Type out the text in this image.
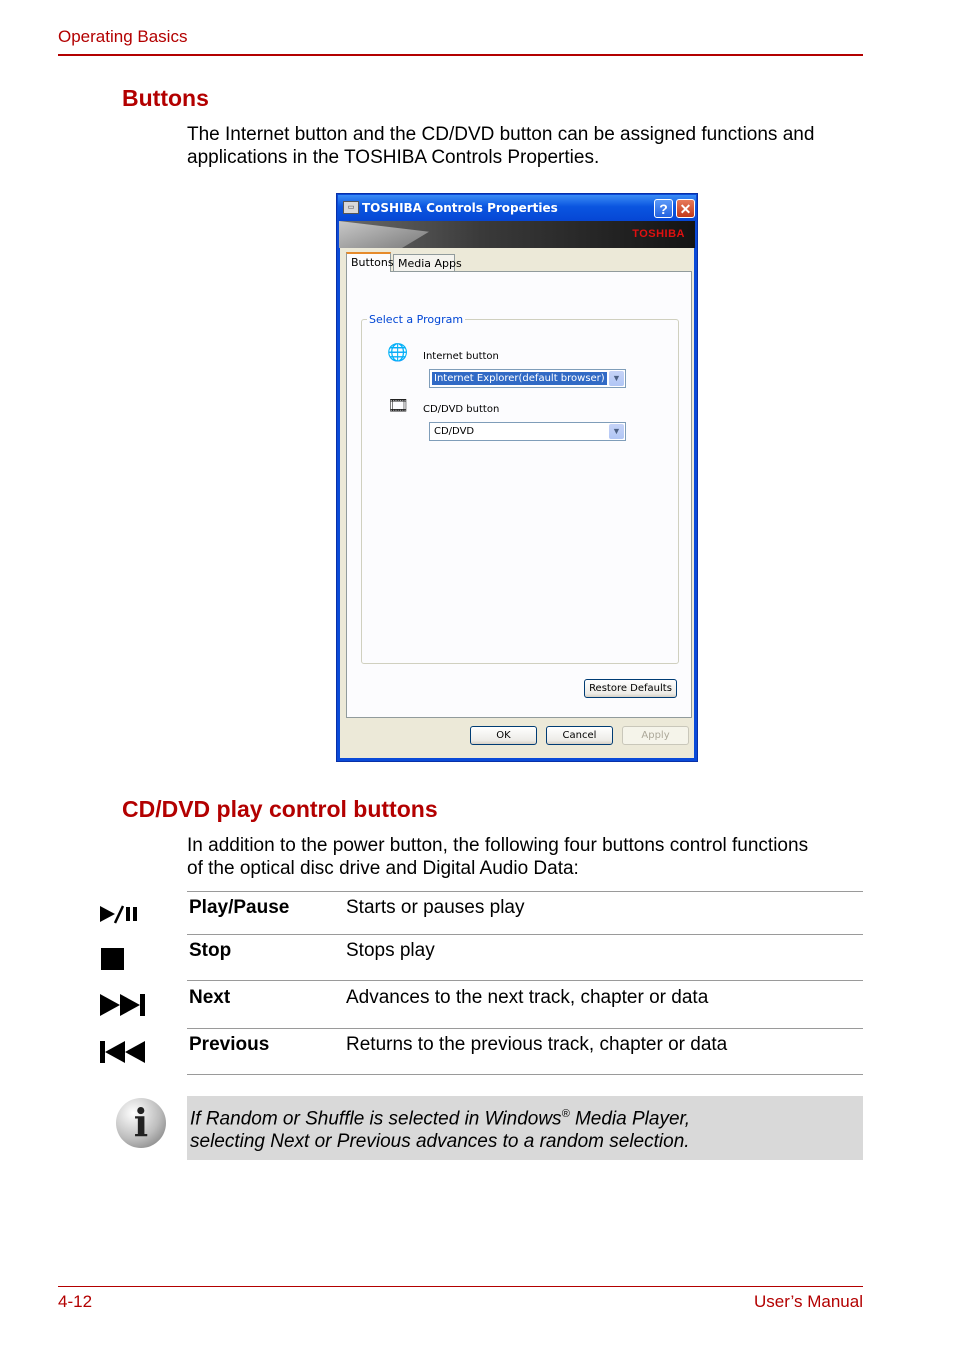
Operating Basics
Buttons
The Internet button and the CD/DVD button can be assigned functions and
applications in the TOSHIBA Controls Properties.
▭ TOSHIBA Controls Properties	? ✕
TOSHIBA
Buttons Media Apps
Select a Program
🌐 Internet button
Internet Explorer(default browser) ▼
🎞 CD/DVD button
CD/DVD	▼
Restore Defaults
OK	Cancel	Apply
CD/DVD play control buttons
In addition to the power button, the following four buttons control functions
of the optical disc drive and Digital Audio Data:
Play/Pause	Starts or pauses play
Stop	Stops play
Next	Advances to the next track, chapter or data
Previous	Returns to the previous track, chapter or data
i	If Random or Shuffle is selected in Windows® Media Player,
selecting Next or Previous advances to a random selection.
4-12	User’s Manual
